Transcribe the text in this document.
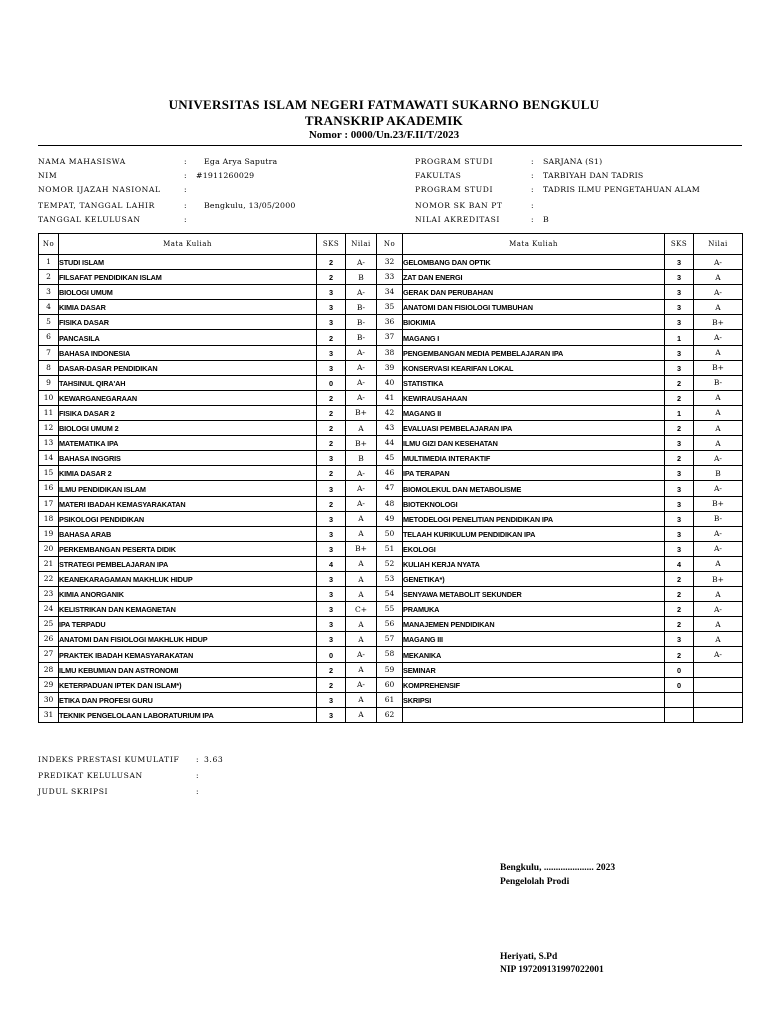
UNIVERSITAS ISLAM NEGERI FATMAWATI SUKARNO BENGKULU
TRANSKRIP AKADEMIK
Nomor : 0000/Un.23/F.II/T/2023
NAMA MAHASISWA	: Ega Arya Saputra
NIM	: #1911260029
NOMOR IJAZAH NASIONAL	:
TEMPAT, TANGGAL LAHIR	: Bengkulu, 13/05/2000
TANGGAL KELULUSAN	:
PROGRAM STUDI	: SARJANA (S1)
FAKULTAS	: TARBIYAH DAN TADRIS
PROGRAM STUDI	: TADRIS ILMU PENGETAHUAN ALAM
NOMOR SK BAN PT	:
NILAI AKREDITASI	: B
No	Mata Kuliah	SKS	Nilai	No	Mata Kuliah	SKS	Nilai
1	STUDI ISLAM	2	A-	32	GELOMBANG DAN OPTIK	3	A-
2	FILSAFAT PENDIDIKAN ISLAM	2	B	33	ZAT DAN ENERGI	3	A
3	BIOLOGI UMUM	3	A-	34	GERAK DAN PERUBAHAN	3	A-
4	KIMIA DASAR	3	B-	35	ANATOMI DAN FISIOLOGI TUMBUHAN	3	A
5	FISIKA DASAR	3	B-	36	BIOKIMIA	3	B+
6	PANCASILA	2	B-	37	MAGANG I	1	A-
7	BAHASA INDONESIA	3	A-	38	PENGEMBANGAN MEDIA PEMBELAJARAN IPA	3	A
8	DASAR-DASAR PENDIDIKAN	3	A-	39	KONSERVASI KEARIFAN LOKAL	3	B+
9	TAHSINUL QIRA'AH	0	A-	40	STATISTIKA	2	B-
10	KEWARGANEGARAAN	2	A-	41	KEWIRAUSAHAAN	2	A
11	FISIKA DASAR 2	2	B+	42	MAGANG II	1	A
12	BIOLOGI UMUM 2	2	A	43	EVALUASI PEMBELAJARAN IPA	2	A
13	MATEMATIKA IPA	2	B+	44	ILMU GIZI DAN KESEHATAN	3	A
14	BAHASA INGGRIS	3	B	45	MULTIMEDIA INTERAKTIF	2	A-
15	KIMIA DASAR 2	2	A-	46	IPA TERAPAN	3	B
16	ILMU PENDIDIKAN ISLAM	3	A-	47	BIOMOLEKUL DAN METABOLISME	3	A-
17	MATERI IBADAH KEMASYARAKATAN	2	A-	48	BIOTEKNOLOGI	3	B+
18	PSIKOLOGI PENDIDIKAN	3	A	49	METODELOGI PENELITIAN PENDIDIKAN IPA	3	B-
19	BAHASA ARAB	3	A	50	TELAAH KURIKULUM PENDIDIKAN IPA	3	A-
20	PERKEMBANGAN PESERTA DIDIK	3	B+	51	EKOLOGI	3	A-
21	STRATEGI PEMBELAJARAN IPA	4	A	52	KULIAH KERJA NYATA	4	A
22	KEANEKARAGAMAN MAKHLUK HIDUP	3	A	53	GENETIKA*)	2	B+
23	KIMIA ANORGANIK	3	A	54	SENYAWA METABOLIT SEKUNDER	2	A
24	KELISTRIKAN DAN KEMAGNETAN	3	C+	55	PRAMUKA	2	A-
25	IPA TERPADU	3	A	56	MANAJEMEN PENDIDIKAN	2	A
26	ANATOMI DAN FISIOLOGI MAKHLUK HIDUP	3	A	57	MAGANG III	3	A
27	PRAKTEK IBADAH KEMASYARAKATAN	0	A-	58	MEKANIKA	2	A-
28	ILMU KEBUMIAN DAN ASTRONOMI	2	A	59	SEMINAR	0	
29	KETERPADUAN IPTEK DAN ISLAM*)	2	A-	60	KOMPREHENSIF	0	
30	ETIKA DAN PROFESI GURU	3	A	61	SKRIPSI		
31	TEKNIK PENGELOLAAN LABORATURIUM IPA	3	A	62			
INDEKS PRESTASI KUMULATIF : 3.63
PREDIKAT KELULUSAN	:
JUDUL SKRIPSI	:
Bengkulu, ..................... 2023
Pengelolah Prodi
Heriyati, S.Pd
NIP 197209131997022001
